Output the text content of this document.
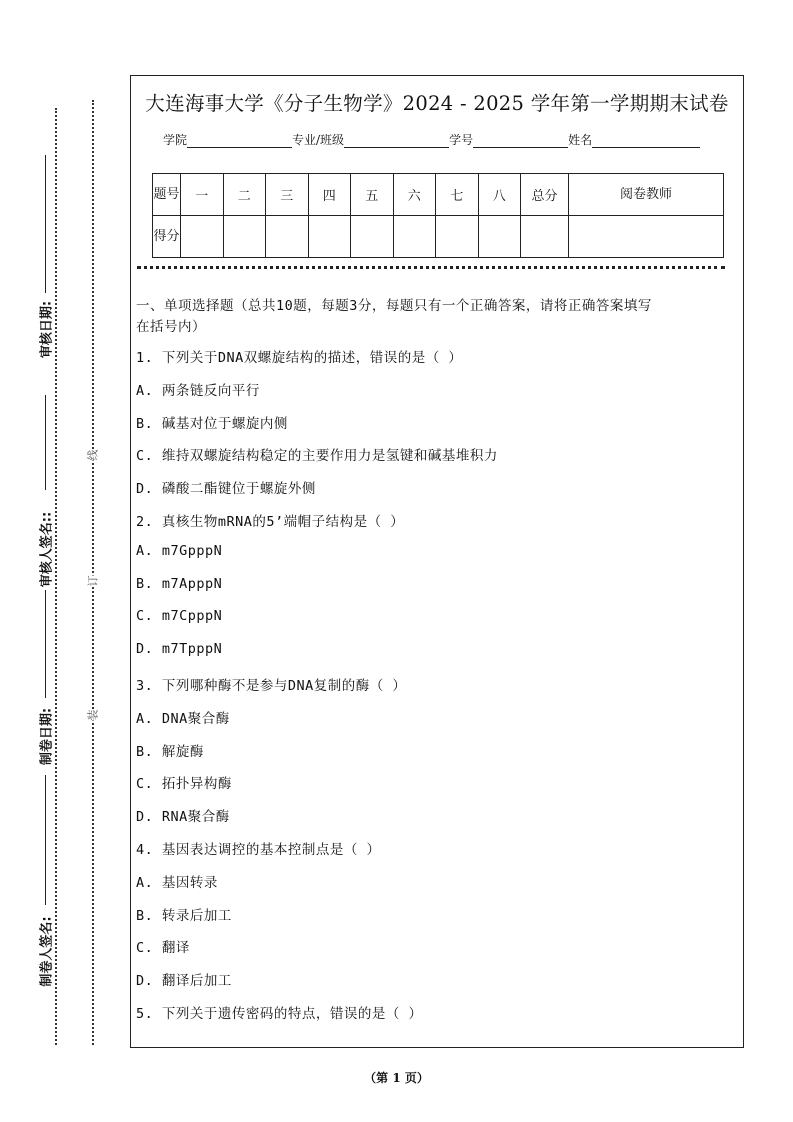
线
订
装
审核日期:
审核人签名::
制卷日期:
制卷人签名:
大连海事大学《分子生物学》2024 - 2025 学年第一学期期末试卷
学院	专业/班级	学号	姓名
题号	一	二	三	四	五	六	七	八	总分	阅卷教师
得分										
一、单项选择题（总共10题，每题3分，每题只有一个正确答案，请将正确答案填写
在括号内）
1. 下列关于DNA双螺旋结构的描述，错误的是（ ）
A. 两条链反向平行
B. 碱基对位于螺旋内侧
C. 维持双螺旋结构稳定的主要作用力是氢键和碱基堆积力
D. 磷酸二酯键位于螺旋外侧
2. 真核生物mRNA的5’端帽子结构是（ ）
A. m7GpppN
B. m7ApppN
C. m7CpppN
D. m7TpppN
3. 下列哪种酶不是参与DNA复制的酶（ ）
A. DNA聚合酶
B. 解旋酶
C. 拓扑异构酶
D. RNA聚合酶
4. 基因表达调控的基本控制点是（ ）
A. 基因转录
B. 转录后加工
C. 翻译
D. 翻译后加工
5. 下列关于遗传密码的特点，错误的是（ ）
（第 1 页）
